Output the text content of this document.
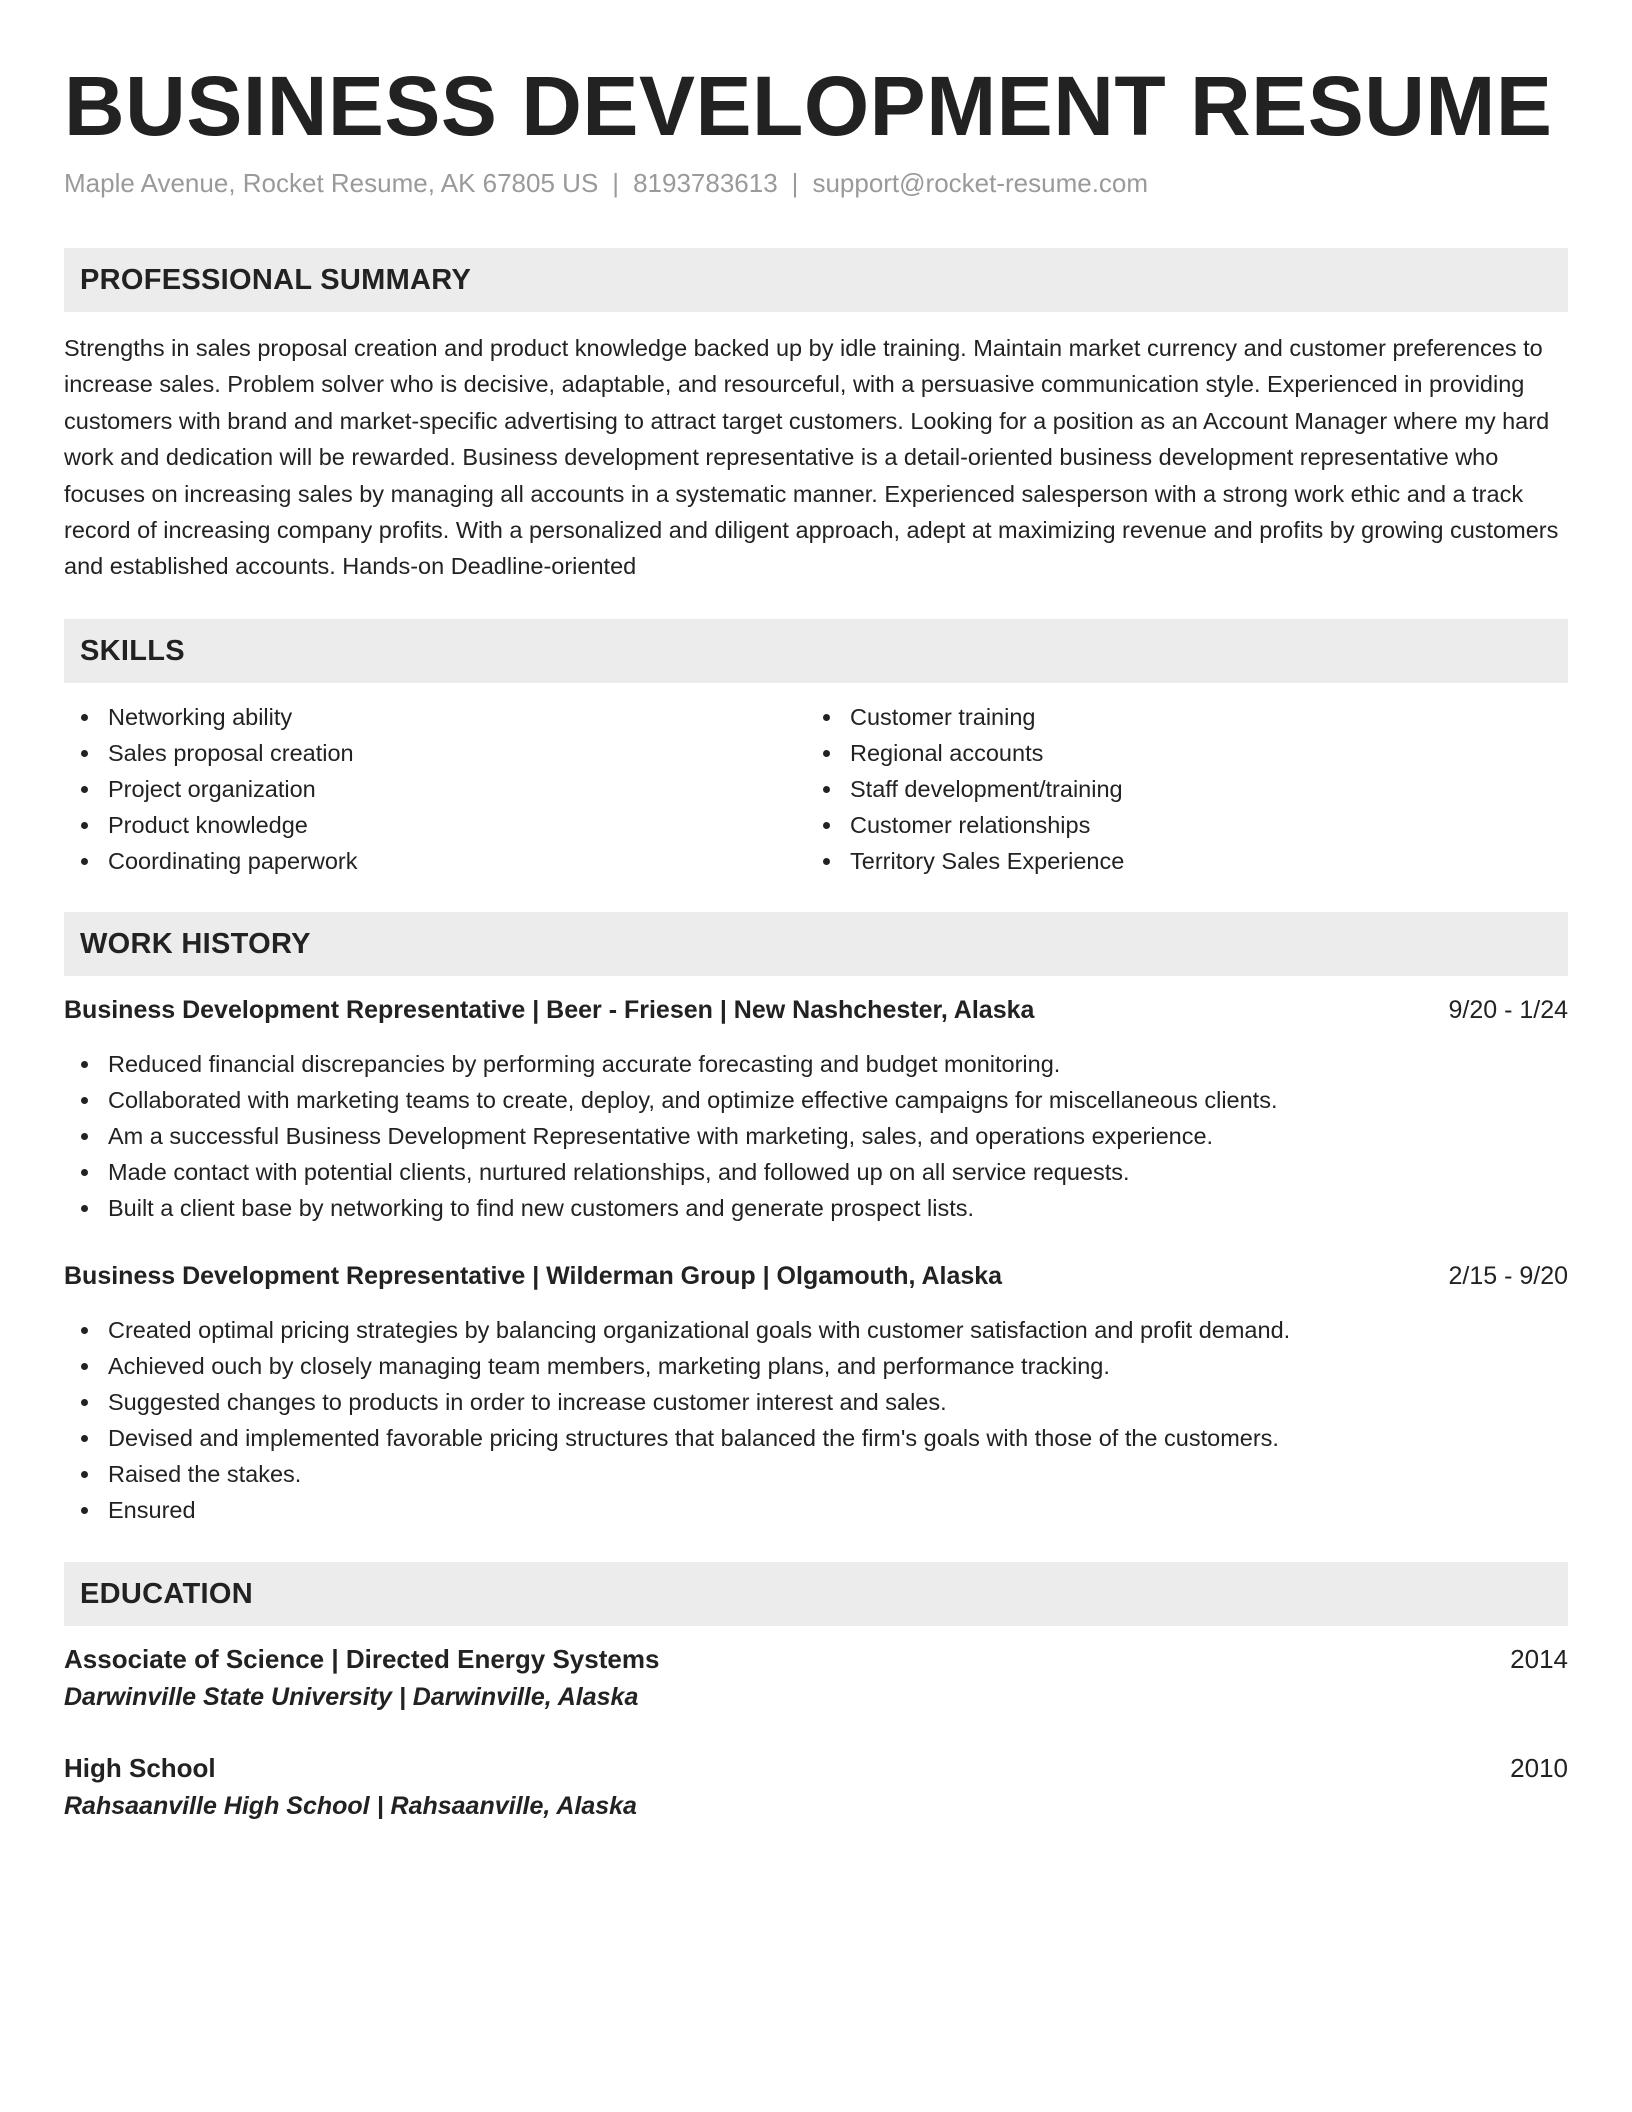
BUSINESS DEVELOPMENT RESUME
Maple Avenue, Rocket Resume, AK 67805 US | 8193783613 | support@rocket-resume.com
PROFESSIONAL SUMMARY

Strengths in sales proposal creation and product knowledge backed up by idle training. Maintain market currency and customer preferences to increase sales. Problem solver who is decisive, adaptable, and resourceful, with a persuasive communication style. Experienced in providing customers with brand and market-specific advertising to attract target customers. Looking for a position as an Account Manager where my hard work and dedication will be rewarded. Business development representative is a detail-oriented business development representative who focuses on increasing sales by managing all accounts in a systematic manner. Experienced salesperson with a strong work ethic and a track record of increasing company profits. With a personalized and diligent approach, adept at maximizing revenue and profits by growing customers and established accounts. Hands-on Deadline-oriented

SKILLS
Networking ability
Sales proposal creation
Project organization
Product knowledge
Coordinating paperwork
Customer training
Regional accounts
Staff development/training
Customer relationships
Territory Sales Experience
WORK HISTORY
Business Development Representative | Beer - Friesen | New Nashchester, Alaska	9/20 - 1/24
Reduced financial discrepancies by performing accurate forecasting and budget monitoring.
Collaborated with marketing teams to create, deploy, and optimize effective campaigns for miscellaneous clients.
Am a successful Business Development Representative with marketing, sales, and operations experience.
Made contact with potential clients, nurtured relationships, and followed up on all service requests.
Built a client base by networking to find new customers and generate prospect lists.
Business Development Representative | Wilderman Group | Olgamouth, Alaska	2/15 - 9/20
Created optimal pricing strategies by balancing organizational goals with customer satisfaction and profit demand.
Achieved ouch by closely managing team members, marketing plans, and performance tracking.
Suggested changes to products in order to increase customer interest and sales.
Devised and implemented favorable pricing structures that balanced the firm's goals with those of the customers.
Raised the stakes.
Ensured
EDUCATION
Associate of Science | Directed Energy Systems	2014
Darwinville State University | Darwinville, Alaska
High School	2010
Rahsaanville High School | Rahsaanville, Alaska
